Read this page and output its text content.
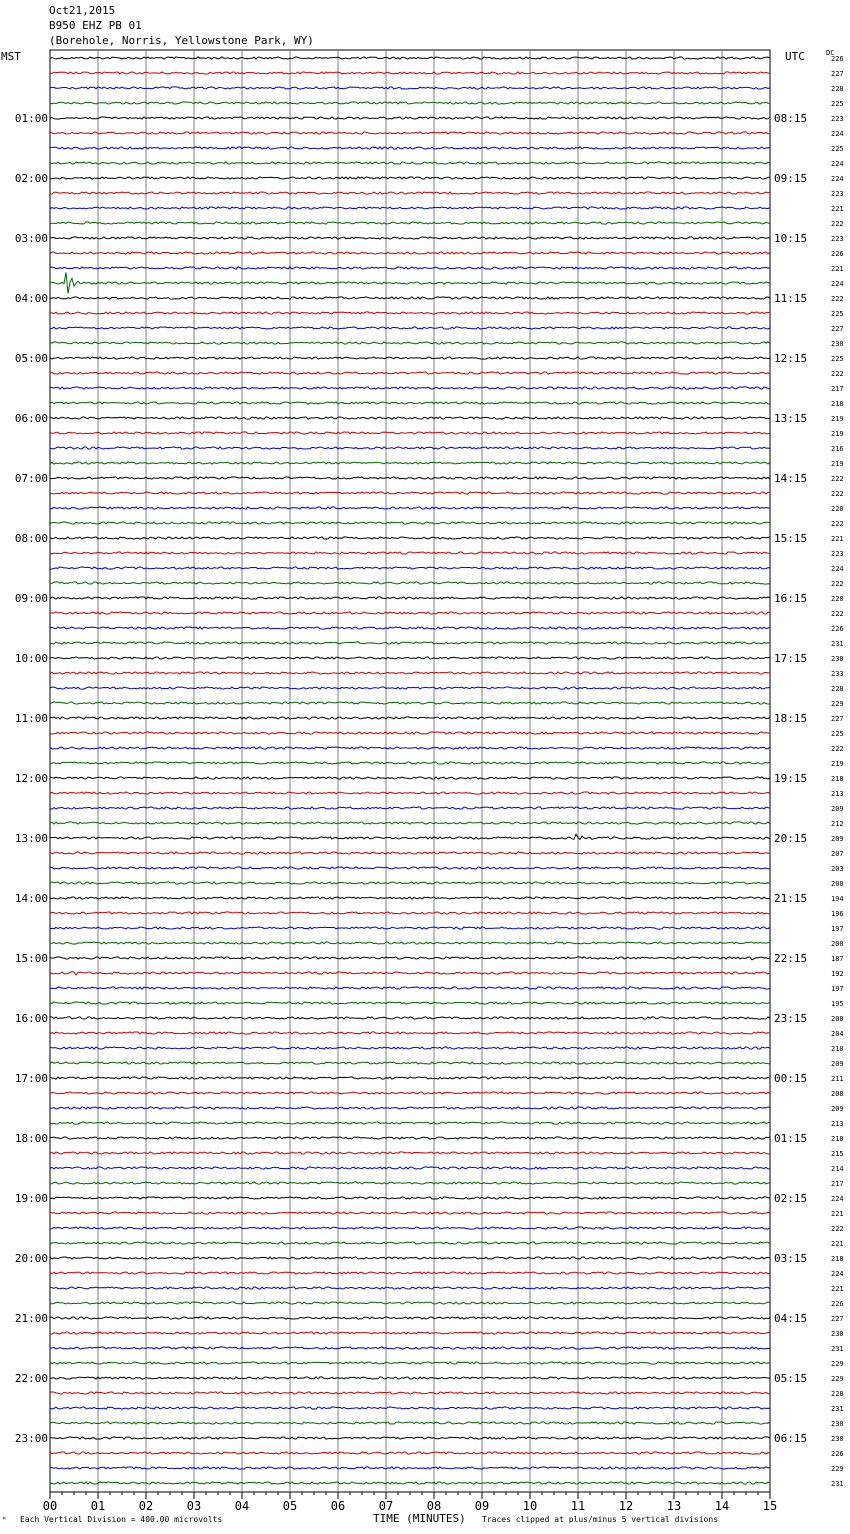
Oct21,2015
B950 EHZ PB 01
(Borehole, Norris, Yellowstone Park, WY)
MST	UTC	DC
00	01	02	03	04	05	06	07	08	09	10	11	12	13	14	15
226
227
228
225
223
01:00	08:15
224
225
224
224
02:00	09:15
223
221
222
223
03:00	10:15
226
221
224
222
04:00	11:15
225
227
230
225
05:00	12:15
222
217
218
219
06:00	13:15
219
216
219
222
07:00	14:15
222
220
222
221
08:00	15:15
223
224
222
220
09:00	16:15
222
226
231
230
10:00	17:15
233
228
229
227
11:00	18:15
225
222
219
218
12:00	19:15
213
209
212
209
13:00	20:15
207
203
200
194
14:00	21:15
196
197
200
187
15:00	22:15
192
197
195
200
16:00	23:15
204
210
209
211
17:00	00:15
208
209
213
210
18:00	01:15
215
214
217
224
19:00	02:15
221
222
221
218
20:00	03:15
224
221
226
227
21:00	04:15
230
231
229
229
22:00	05:15
228
231
230
230
23:00	06:15
226
229
231
ᴹ Each Vertical Division = 400.00 microvolts	TIME (MINUTES) Traces clipped at plus/minus 5 vertical divisions
